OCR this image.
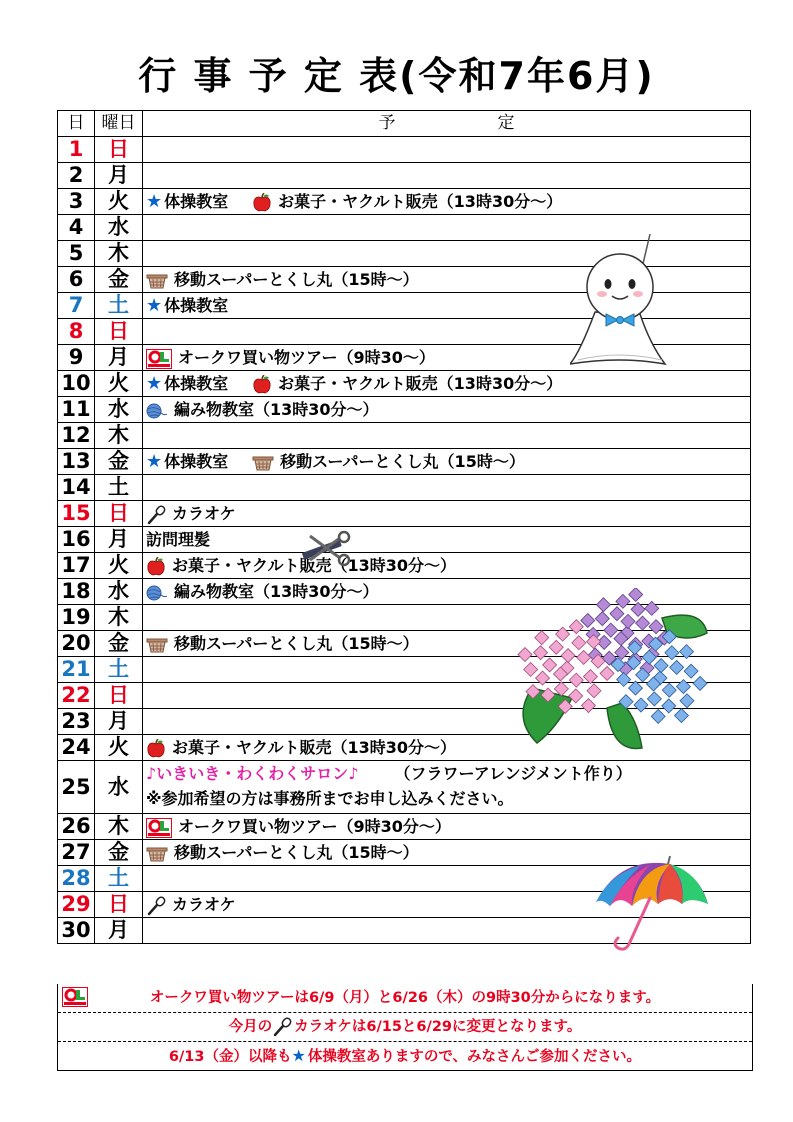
行 事 予 定 表(令和7年6月)
日	曜日	予　　　　　　定
1	日	
2	月	
3	火	★ 体操教室 お菓子・ヤクルト販売（13時30分～）
4	水	
5	木	
6	金	移動スーパーとくし丸（15時～）
7	土	★ 体操教室
8	日	
9	月	オークワ買い物ツアー（9時30～）
10	火	★ 体操教室 お菓子・ヤクルト販売（13時30分～）
11	水	編み物教室（13時30分～）
12	木	
13	金	★ 体操教室 移動スーパーとくし丸（15時～）
14	土	
15	日	カラオケ
16	月	訪問理髪
17	火	お菓子・ヤクルト販売（13時30分～）
18	水	編み物教室（13時30分～）
19	木	
20	金	移動スーパーとくし丸（15時～）
21	土	
22	日	
23	月	
24	火	お菓子・ヤクルト販売（13時30分～）
25	水	♪いきいき・わくわくサロン♪ （フラワーアレンジメント作り）
※参加希望の方は事務所までお申し込みください。

26	木	オークワ買い物ツアー（9時30分～）
27	金	移動スーパーとくし丸（15時～）
28	土	
29	日	カラオケ
30	月	
オークワ買い物ツアーは6/9（月）と6/26（木）の9時30分からになります。
今月の カラオケは6/15と6/29に変更となります。
6/13（金）以降も★ 体操教室ありますので、みなさんご参加ください。
